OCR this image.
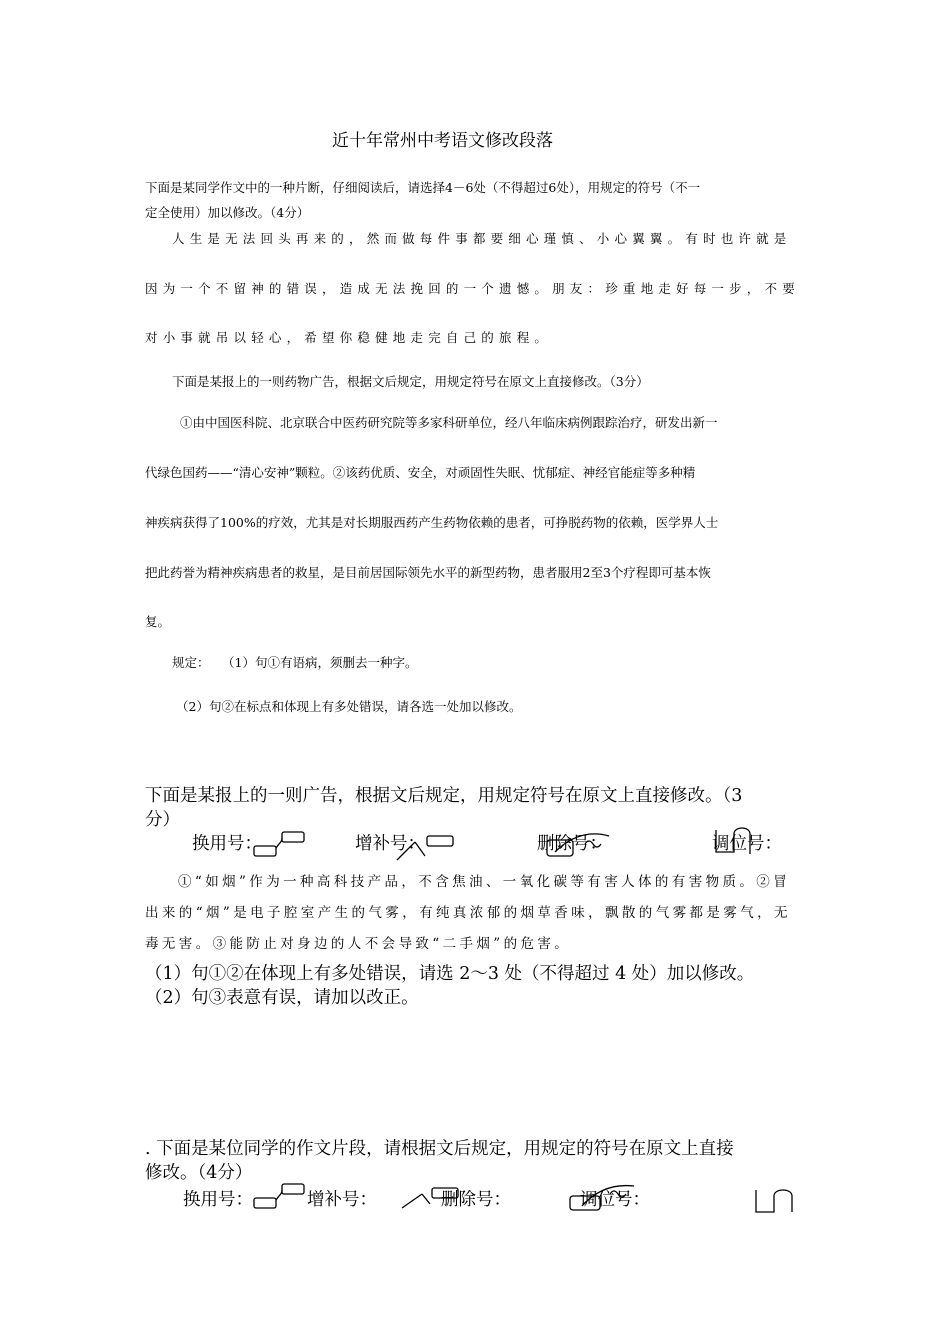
近十年常州中考语文修改段落
下面是某同学作文中的一种片断，仔细阅读后，请选择4－6处（不得超过6处），用规定的符号（不一
定全使用）加以修改。（4分）
人生是无法回头再来的，然而做每件事都要细心瑾慎、小心翼翼。有时也许就是
因为一个不留神的错误，造成无法挽回的一个遗憾。朋友：珍重地走好每一步，不要
对小事就吊以轻心，希望你稳健地走完自己的旅程。
下面是某报上的一则药物广告，根据文后规定，用规定符号在原文上直接修改。（3分）
①由中国医科院、北京联合中医药研究院等多家科研单位，经八年临床病例跟踪治疗，研发出新一
代绿色国药——“清心安神”颗粒。②该药优质、安全，对顽固性失眠、忧郁症、神经官能症等多种精
神疾病获得了100%的疗效，尤其是对长期服西药产生药物依赖的患者，可挣脱药物的依赖，医学界人士
把此药誉为精神疾病患者的救星，是目前居国际领先水平的新型药物，患者服用2至3个疗程即可基本恢
复。
规定： （1）句①有语病，须删去一种字。
（2）句②在标点和体现上有多处错误，请各选一处加以修改。
下面是某报上的一则广告，根据文后规定，用规定符号在原文上直接修改。（3
分）
换用号：	增补号：	删除号：	调位号：
①“如烟”作为一种高科技产品，不含焦油、一氧化碳等有害人体的有害物质。②冒
出来的“烟”是电子腔室产生的气雾，有纯真浓郁的烟草香味，飘散的气雾都是雾气，无
毒无害。③能防止对身边的人不会导致“二手烟”的危害。
（1）句①②在体现上有多处错误，请选 2～3 处（不得超过 4 处）加以修改。
（2）句③表意有误，请加以改正。
. 下面是某位同学的作文片段，请根据文后规定，用规定的符号在原文上直接
修改。（4分）
换用号：	增补号：	删除号：	调位号：
